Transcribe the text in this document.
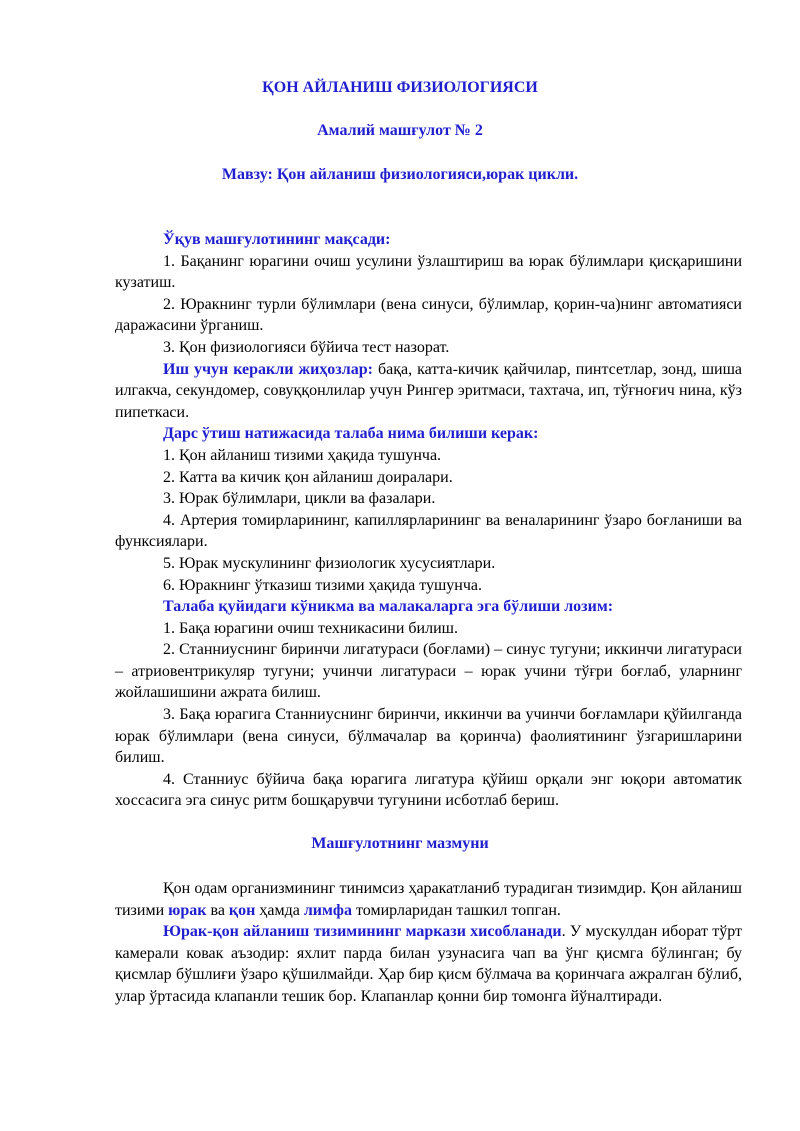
ҚОН АЙЛАНИШ ФИЗИОЛОГИЯСИ
Амалий машғулот № 2
Мавзу: Қон айланиш физиологияси,юрак цикли.
Ўқув машғулотининг мақсади:
1. Бақанинг юрагини очиш усулини ўзлаштириш ва юрак бўлимлари қисқаришини кузатиш.
2. Юракнинг турли бўлимлари (вена синуси, бўлимлар, қорин-ча)нинг автоматияси даражасини ўрганиш.
3. Қон физиологияси бўйича тест назорат.
Иш учун керакли жиҳозлар: бақа, катта-кичик қайчилар, пинтсетлар, зонд, шиша илгакча, секундомер, совуққонлилар учун Рингер эритмаси, тахтача, ип, тўғноғич нина, кўз пипеткаси.
Дарс ўтиш натижасида талаба нима билиши керак:
1. Қон айланиш тизими ҳақида тушунча.
2. Катта ва кичик қон айланиш доиралари.
3. Юрак бўлимлари, цикли ва фазалари.
4. Артерия томирларининг, капиллярларининг ва веналарининг ўзаро боғланиши ва функсиялари.
5. Юрак мускулининг физиологик хусусиятлари.
6. Юракнинг ўтказиш тизими ҳақида тушунча.
Талаба қуйидаги кўникма ва малакаларга эга бўлиши лозим:
1. Бақа юрагини очиш техникасини билиш.
2. Станниуснинг биринчи лигатураси (боғлами) – синус тугуни; иккинчи лигатураси – атриовентрикуляр тугуни; учинчи лигатураси – юрак учини тўғри боғлаб, уларнинг жойлашишини ажрата билиш.
3. Бақа юрагига Станниуснинг биринчи, иккинчи ва учинчи боғламлари қўйилганда юрак бўлимлари (вена синуси, бўлмачалар ва қоринча) фаолиятининг ўзгаришларини билиш.
4. Станниус бўйича бақа юрагига лигатура қўйиш орқали энг юқори автоматик хоссасига эга синус ритм бошқарувчи тугунини исботлаб бериш.
Машғулотнинг мазмуни
Қон одам организмининг тинимсиз ҳаракатланиб турадиган тизимдир. Қон айланиш тизими юрак ва қон ҳамда лимфа томирларидан ташкил топган.
Юрак-қон айланиш тизимининг маркази хисобланади. У мускулдан иборат тўрт камерали ковак аъзодир: яхлит парда билан узунасига чап ва ўнг қисмга бўлинган; бу қисмлар бўшлиғи ўзаро қўшилмайди. Ҳар бир қисм бўлмача ва қоринчага ажралган бўлиб, улар ўртасида клапанли тешик бор. Клапанлар қонни бир томонга йўналтиради.
